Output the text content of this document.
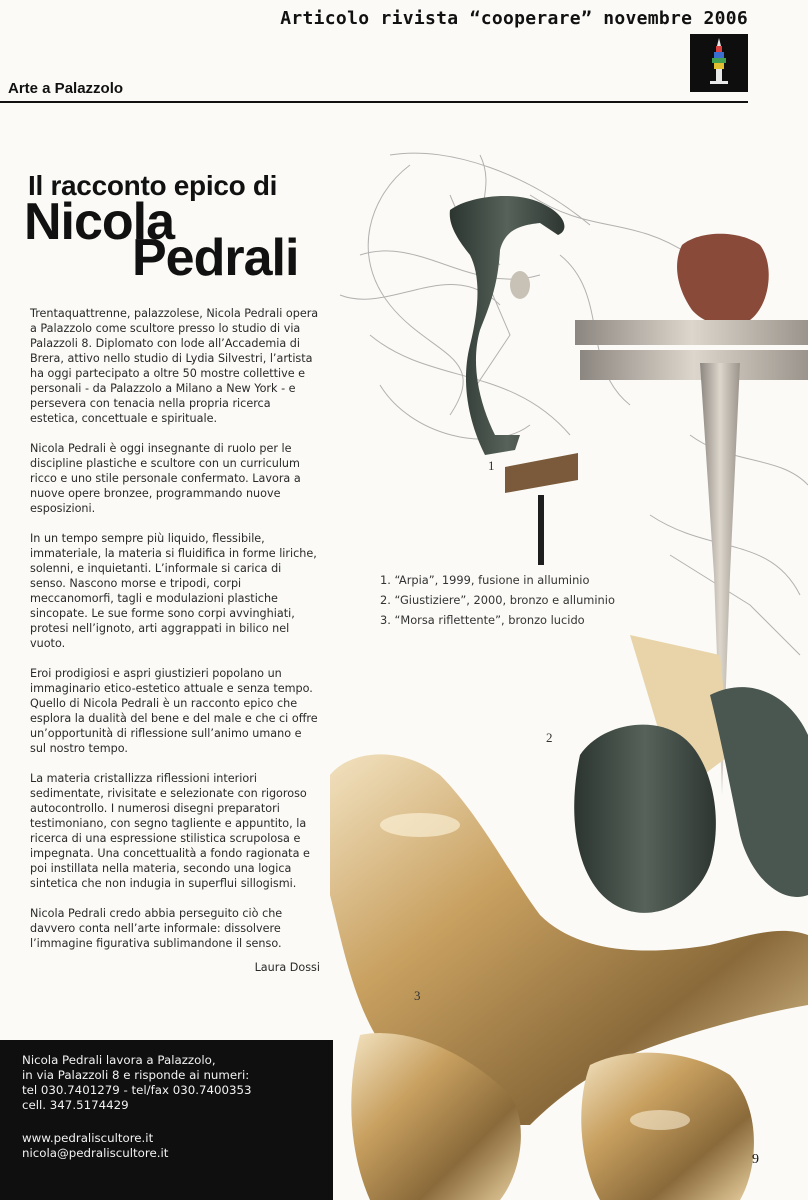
Articolo rivista “cooperare” novembre 2006
Arte a Palazzolo
Il racconto epico di
Nicola
Pedrali

Trentaquattrenne, palazzolese, Nicola Pedrali opera a Palazzolo come scultore presso lo studio di via Palazzoli 8. Diplomato con lode all’Accademia di Brera, attivo nello studio di Lydia Silvestri, l’artista ha oggi partecipato a oltre 50 mostre collettive e personali - da Palazzolo a Milano a New York - e persevera con tenacia nella propria ricerca estetica, concettuale e spirituale.

Nicola Pedrali è oggi insegnante di ruolo per le discipline plastiche e scultore con un curriculum ricco e uno stile personale confermato. Lavora a nuove opere bronzee, programmando nuove esposizioni.

In un tempo sempre più liquido, flessibile, immateriale, la materia si fluidifica in forme liriche, solenni, e inquietanti. L’informale si carica di senso. Nascono morse e tripodi, corpi meccanomorfi, tagli e modulazioni plastiche sincopate. Le sue forme sono corpi avvinghiati, protesi nell’ignoto, arti aggrappati in bilico nel vuoto.

Eroi prodigiosi e aspri giustizieri popolano un immaginario etico-estetico attuale e senza tempo. Quello di Nicola Pedrali è un racconto epico che esplora la dualità del bene e del male e che ci offre un’opportunità di riflessione sull’animo umano e sul nostro tempo.

La materia cristallizza riflessioni interiori sedimentate, rivisitate e selezionate con rigoroso autocontrollo. I numerosi disegni preparatori testimoniano, con segno tagliente e appuntito, la ricerca di una espressione stilistica scrupolosa e impegnata. Una concettualità a fondo ragionata e poi instillata nella materia, secondo una logica sintetica che non indugia in superflui sillogismi.

Nicola Pedrali credo abbia perseguito ciò che davvero conta nell’arte informale: dissolvere l’immagine figurativa sublimandone il senso.

Laura Dossi

1. “Arpia”, 1999, fusione in alluminio
2. “Giustiziere”, 2000, bronzo e alluminio
3. “Morsa riflettente”, bronzo lucido
1
2
3
Nicola Pedrali lavora a Palazzolo,
in via Palazzoli 8 e risponde ai numeri:
tel 030.7401279 - tel/fax 030.7400353
cell. 347.5174429
www.pedraliscultore.it
nicola@pedraliscultore.it	9
